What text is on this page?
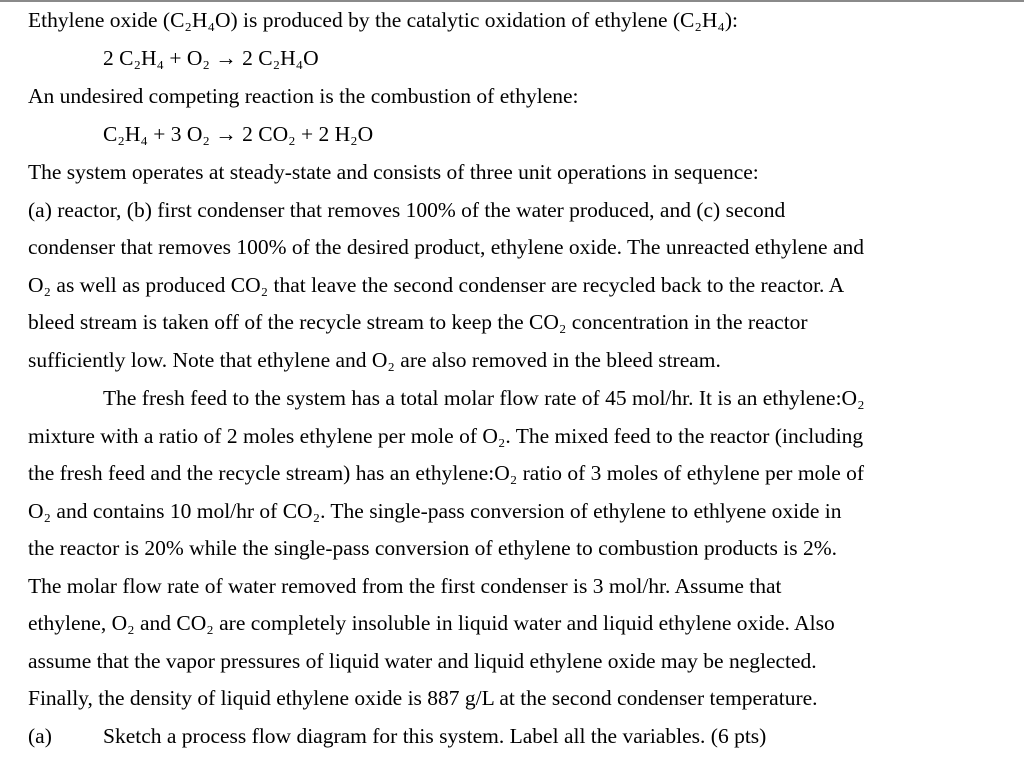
Ethylene oxide (C₂H₄O) is produced by the catalytic oxidation of ethylene (C₂H₄):

2 C₂H₄ + O₂ → 2 C₂H₄O

An undesired competing reaction is the combustion of ethylene:

C₂H₄ + 3 O₂ → 2 CO₂ + 2 H₂O

The system operates at steady-state and consists of three unit operations in sequence:

(a) reactor, (b) first condenser that removes 100% of the water produced, and (c) second

condenser that removes 100% of the desired product, ethylene oxide. The unreacted ethylene and

O₂ as well as produced CO₂ that leave the second condenser are recycled back to the reactor. A

bleed stream is taken off of the recycle stream to keep the CO₂ concentration in the reactor

sufficiently low. Note that ethylene and O₂ are also removed in the bleed stream.

The fresh feed to the system has a total molar flow rate of 45 mol/hr. It is an ethylene:O₂

mixture with a ratio of 2 moles ethylene per mole of O₂. The mixed feed to the reactor (including

the fresh feed and the recycle stream) has an ethylene:O₂ ratio of 3 moles of ethylene per mole of

O₂ and contains 10 mol/hr of CO₂. The single-pass conversion of ethylene to ethlyene oxide in

the reactor is 20% while the single-pass conversion of ethylene to combustion products is 2%.

The molar flow rate of water removed from the first condenser is 3 mol/hr. Assume that

ethylene, O₂ and CO₂ are completely insoluble in liquid water and liquid ethylene oxide. Also

assume that the vapor pressures of liquid water and liquid ethylene oxide may be neglected.

Finally, the density of liquid ethylene oxide is 887 g/L at the second condenser temperature.

(a) Sketch a process flow diagram for this system. Label all the variables. (6 pts)
